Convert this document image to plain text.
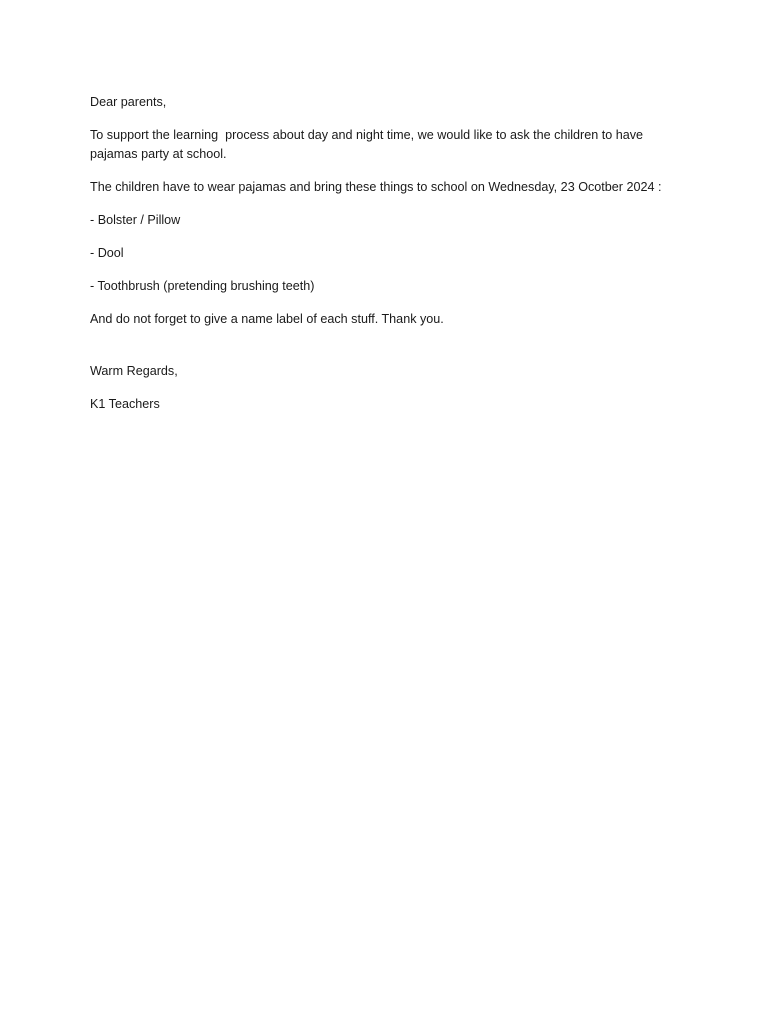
Dear parents,

To support the learning  process about day and night time, we would like to ask the children to have pajamas party at school.

The children have to wear pajamas and bring these things to school on Wednesday, 23 Ocotber 2024 :

- Bolster / Pillow

- Dool

- Toothbrush (pretending brushing teeth)

And do not forget to give a name label of each stuff. Thank you.

Warm Regards,

K1 Teachers
